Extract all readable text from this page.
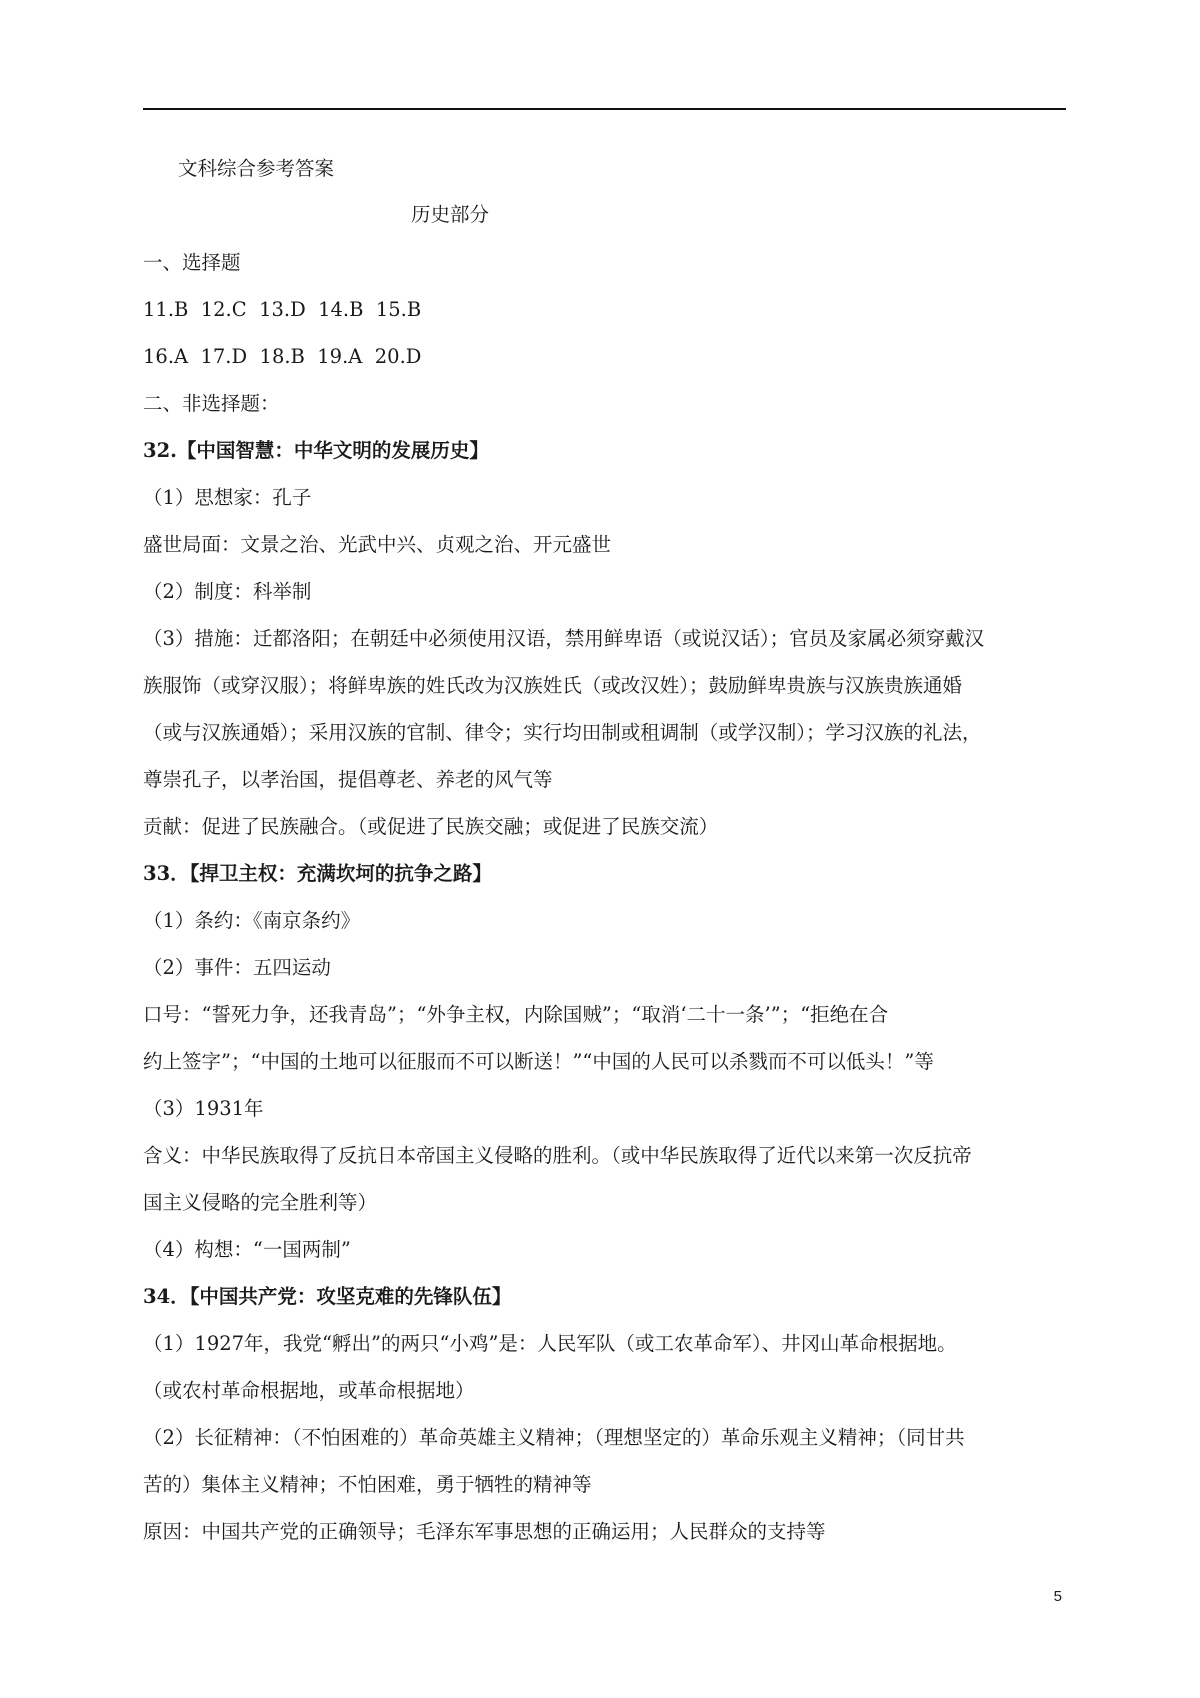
文科综合参考答案
历史部分
一、选择题
11.B  12.C  13.D  14.B  15.B
16.A  17.D  18.B  19.A  20.D
二、非选择题：
32.【中国智慧：中华文明的发展历史】
（1）思想家：孔子
盛世局面：文景之治、光武中兴、贞观之治、开元盛世
（2）制度：科举制
（3）措施：迁都洛阳；在朝廷中必须使用汉语，禁用鲜卑语（或说汉话）；官员及家属必须穿戴汉
族服饰（或穿汉服）；将鲜卑族的姓氏改为汉族姓氏（或改汉姓）；鼓励鲜卑贵族与汉族贵族通婚
（或与汉族通婚）；采用汉族的官制、律令；实行均田制或租调制（或学汉制）；学习汉族的礼法，
尊崇孔子，以孝治国，提倡尊老、养老的风气等
贡献：促进了民族融合。（或促进了民族交融；或促进了民族交流）
33．【捍卫主权：充满坎坷的抗争之路】
（1）条约：《南京条约》
（2）事件：五四运动
口号：“誓死力争，还我青岛”；“外争主权，内除国贼”；“取消‘二十一条’”；“拒绝在合
约上签字”；“中国的土地可以征服而不可以断送！”“中国的人民可以杀戮而不可以低头！”等
（3）1931年
含义：中华民族取得了反抗日本帝国主义侵略的胜利。（或中华民族取得了近代以来第一次反抗帝
国主义侵略的完全胜利等）
（4）构想：“一国两制”
34．【中国共产党：攻坚克难的先锋队伍】
（1）1927年，我党“孵出”的两只“小鸡”是：人民军队（或工农革命军）、井冈山革命根据地。
（或农村革命根据地，或革命根据地）
（2）长征精神：（不怕困难的）革命英雄主义精神；（理想坚定的）革命乐观主义精神；（同甘共
苦的）集体主义精神；不怕困难，勇于牺牲的精神等
原因：中国共产党的正确领导；毛泽东军事思想的正确运用；人民群众的支持等
5
